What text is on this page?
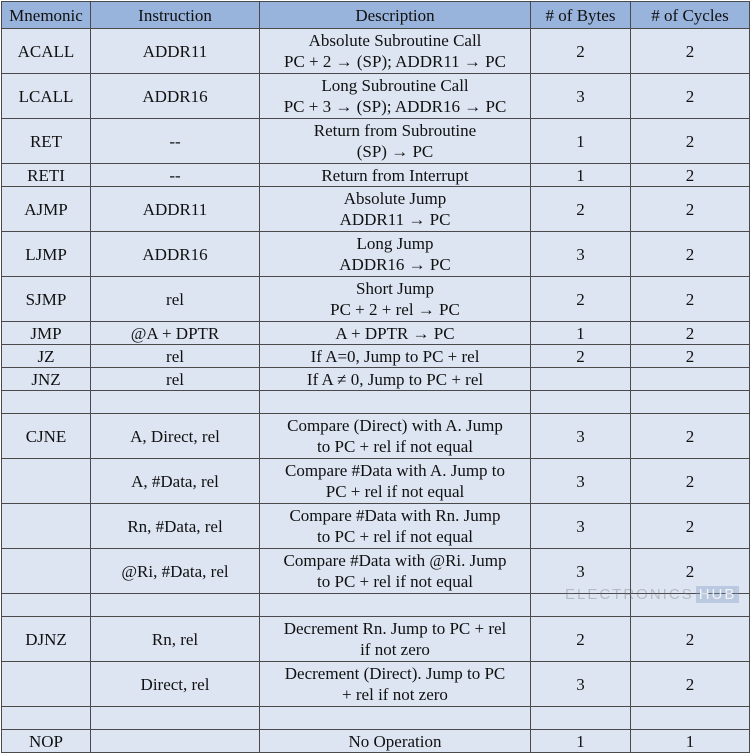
Mnemonic	Instruction	Description	# of Bytes	# of Cycles
ACALL	ADDR11	Absolute Subroutine Call
PC + 2 → (SP); ADDR11 → PC	2	2
LCALL	ADDR16	Long Subroutine Call
PC + 3 → (SP); ADDR16 → PC	3	2
RET	--	Return from Subroutine
(SP) → PC	1	2
RETI	--	Return from Interrupt	1	2
AJMP	ADDR11	Absolute Jump
ADDR11 → PC	2	2
LJMP	ADDR16	Long Jump
ADDR16 → PC	3	2
SJMP	rel	Short Jump
PC + 2 + rel → PC	2	2
JMP	@A + DPTR	A + DPTR → PC	1	2
JZ	rel	If A=0, Jump to PC + rel	2	2
JNZ	rel	If A ≠ 0, Jump to PC + rel		

CJNE	A, Direct, rel	Compare (Direct) with A. Jump
to PC + rel if not equal	3	2
	A, #Data, rel	Compare #Data with A. Jump to
PC + rel if not equal	3	2
	Rn, #Data, rel	Compare #Data with Rn. Jump
to PC + rel if not equal	3	2
	@Ri, #Data, rel	Compare #Data with @Ri. Jump
to PC + rel if not equal	3	2

DJNZ	Rn, rel	Decrement Rn. Jump to PC + rel
if not zero	2	2
	Direct, rel	Decrement (Direct). Jump to PC
+ rel if not zero	3	2

NOP		No Operation	1	1
ELECTRONICS HUB
